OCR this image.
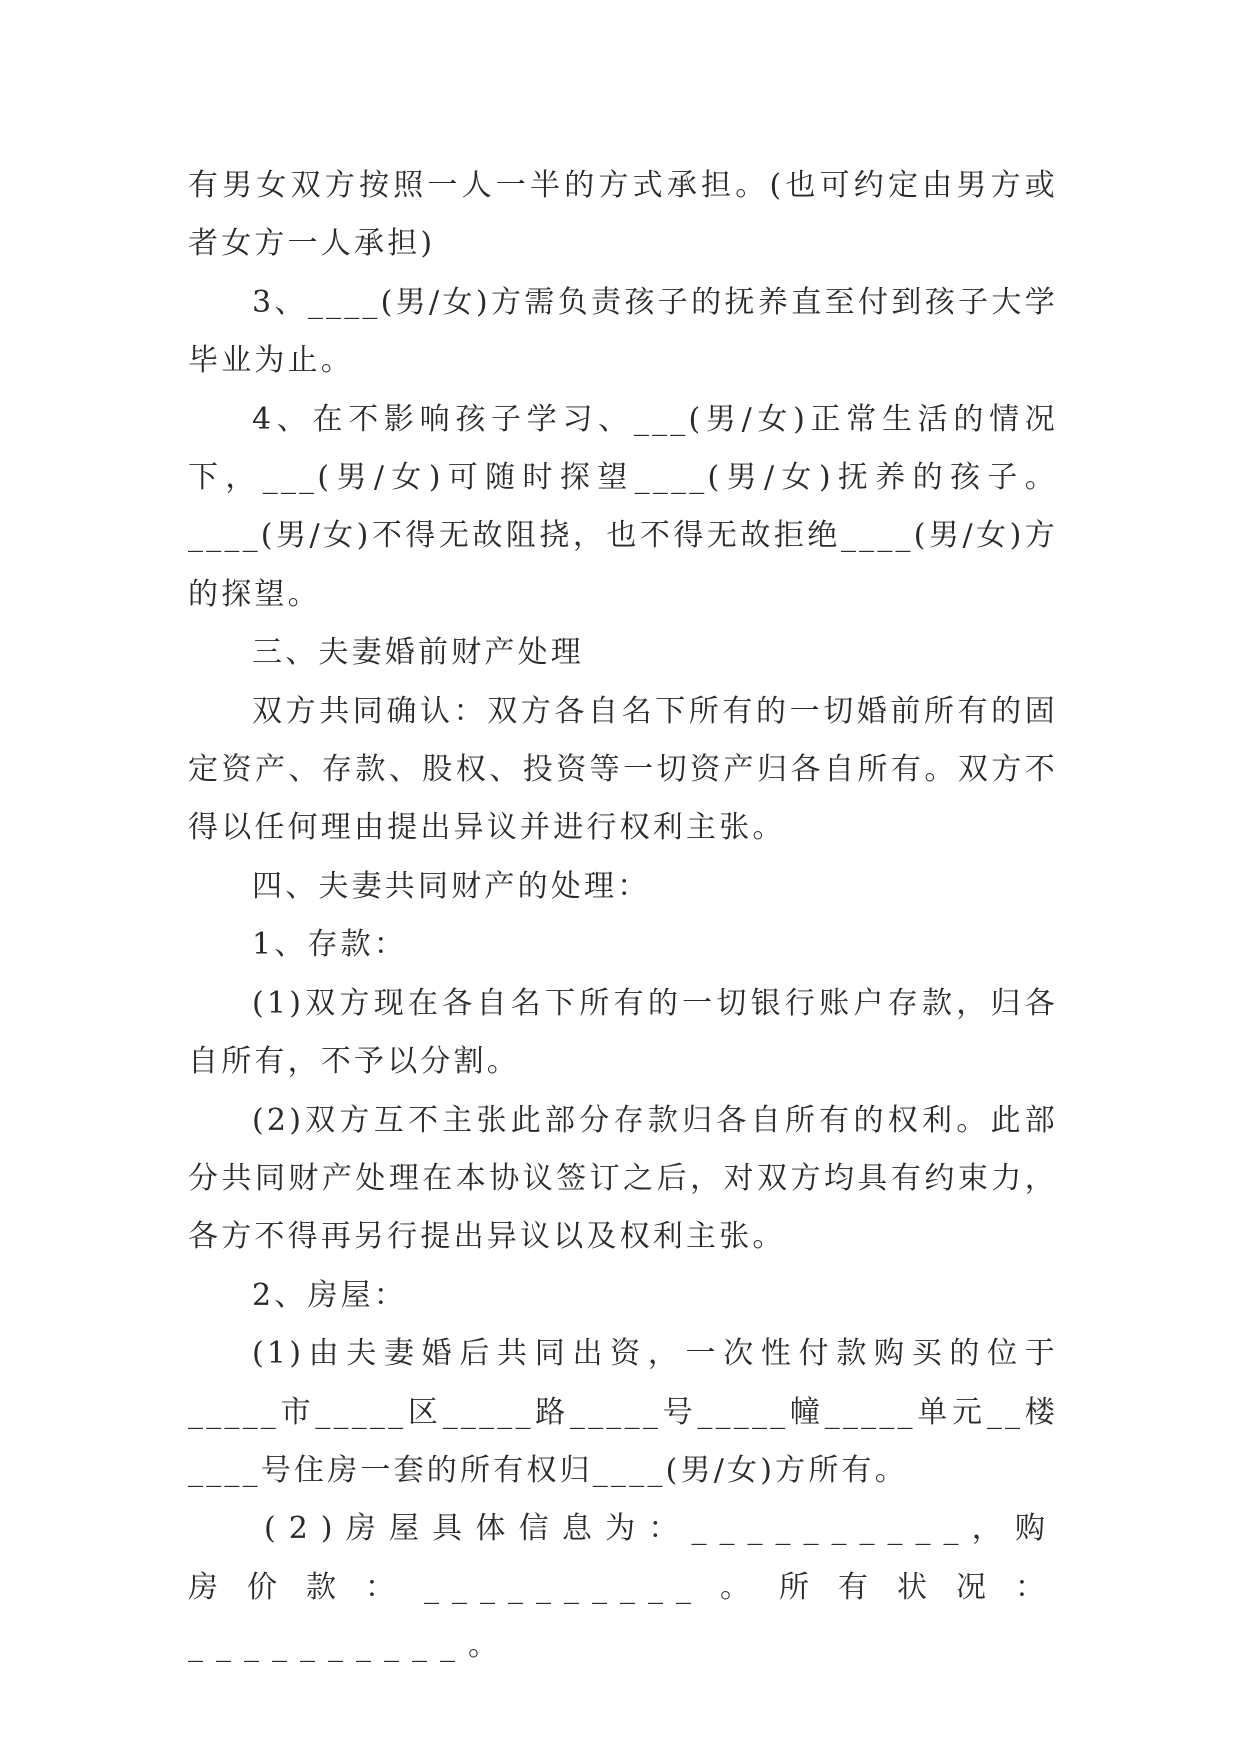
有男女双方按照一人一半的方式承担。(也可约定由男方或者女方一人承担)

3、____(男/女)方需负责孩子的抚养直至付到孩子大学毕业为止。

4、在不影响孩子学习、___(男/女)正常生活的情况下，___(男/女)可随时探望____(男/女)抚养的孩子。____(男/女)不得无故阻挠，也不得无故拒绝____(男/女)方的探望。

三、夫妻婚前财产处理

双方共同确认：双方各自名下所有的一切婚前所有的固定资产、存款、股权、投资等一切资产归各自所有。双方不得以任何理由提出异议并进行权利主张。

四、夫妻共同财产的处理：

1、存款：

(1)双方现在各自名下所有的一切银行账户存款，归各自所有，不予以分割。

(2)双方互不主张此部分存款归各自所有的权利。此部分共同财产处理在本协议签订之后，对双方均具有约束力，各方不得再另行提出异议以及权利主张。

2、房屋：

(1)由夫妻婚后共同出资，一次性付款购买的位于_____市_____区_____路_____号_____幢_____单元__楼____号住房一套的所有权归____(男/女)方所有。

(2)房屋具体信息为：__________，购房价款：__________。所有状况：__________。
